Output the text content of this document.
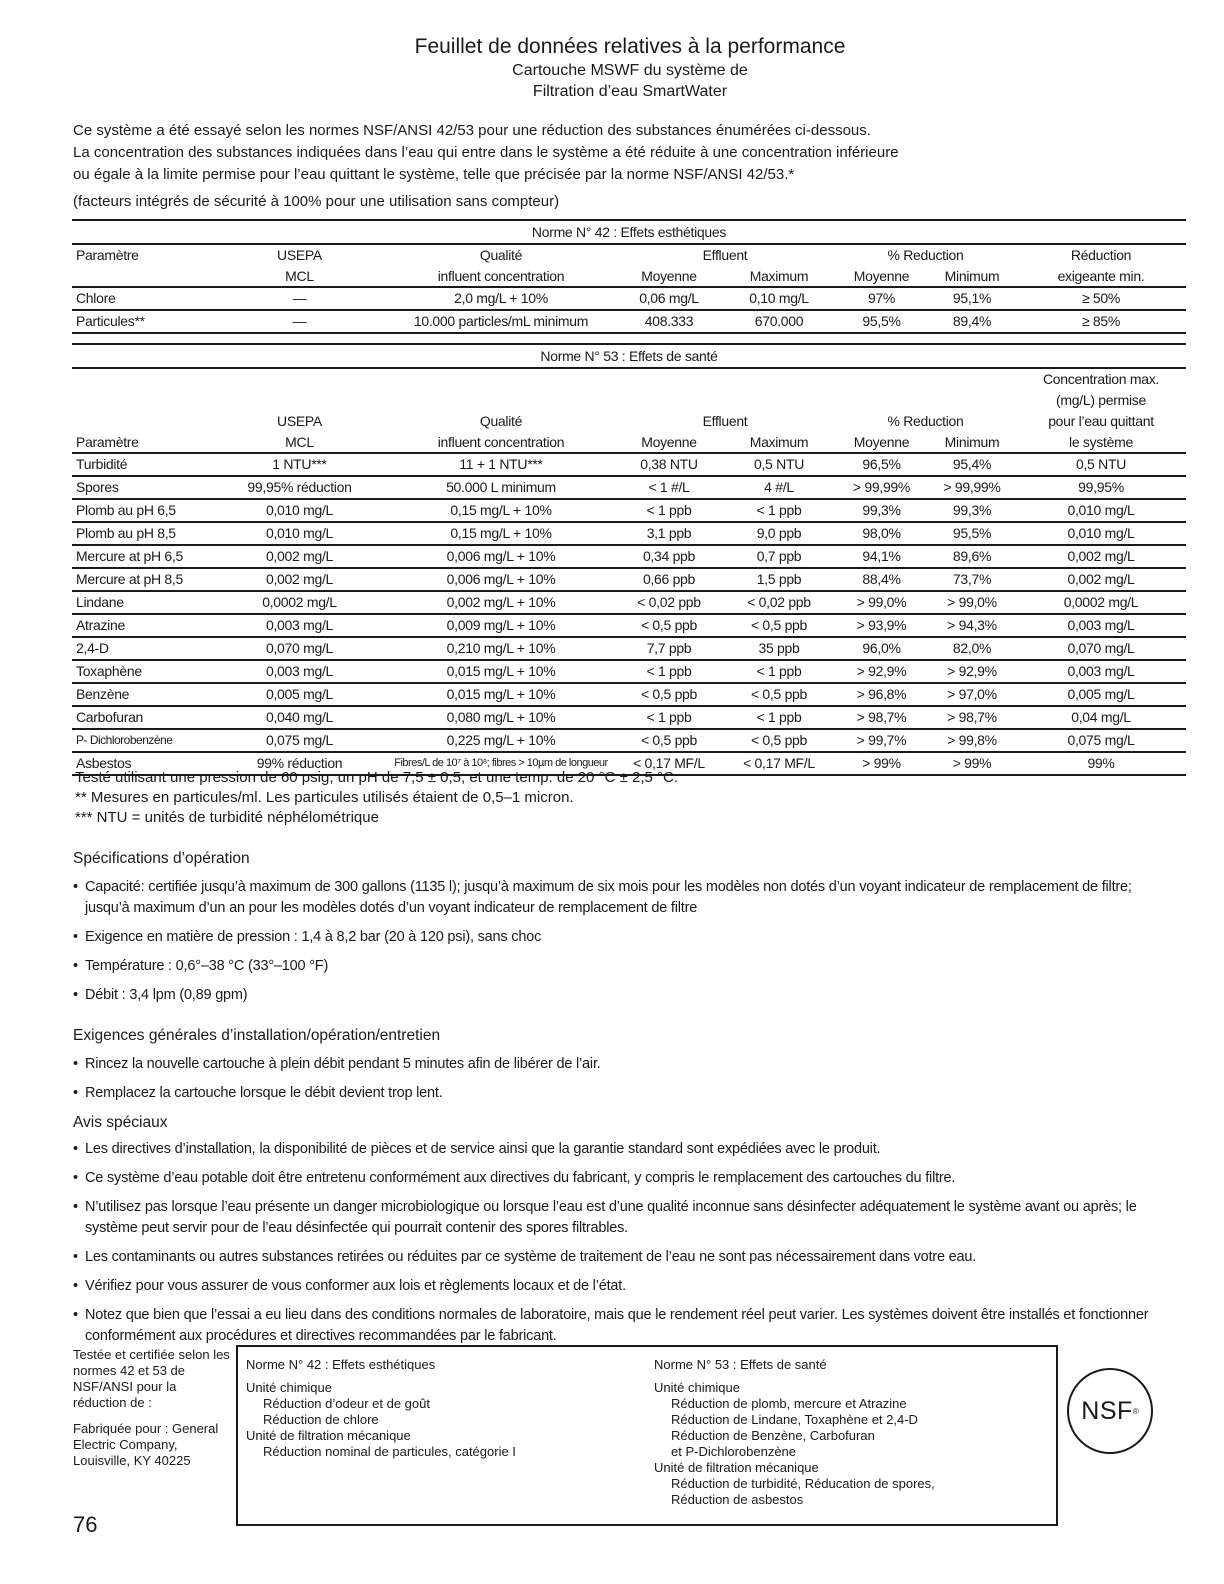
Feuillet de données relatives à la performance
Cartouche MSWF du système de
Filtration d’eau SmartWater

Ce système a été essayé selon les normes NSF/ANSI 42/53 pour une réduction des substances énumérées ci-dessous.

La concentration des substances indiquées dans l’eau qui entre dans le système a été réduite à une concentration inférieure

ou égale à la limite permise pour l’eau quittant le système, telle que précisée par la norme NSF/ANSI 42/53.*

(facteurs intégrés de sécurité à 100% pour une utilisation sans compteur)

Norme N° 42 : Effets esthétiques							
Paramètre	USEPA	Qualité	Effluent		% Reduction		Réduction
	MCL	influent concentration	Moyenne	Maximum	Moyenne	Minimum	exigeante min.
Chlore	—	2,0 mg/L + 10%	0,06 mg/L	0,10 mg/L	97%	95,1%	≥ 50%
Particules**	—	10.000 particles/mL minimum	408.333	670.000	95,5%	89,4%	≥ 85%
Norme N° 53 : Effets de santé							
							Concentration max.
							(mg/L) permise
	USEPA	Qualité	Effluent		% Reduction		pour l’eau quittant
Paramètre	MCL	influent concentration	Moyenne	Maximum	Moyenne	Minimum	le système
Turbidité	1 NTU***	11 + 1 NTU***	0,38 NTU	0,5 NTU	96,5%	95,4%	0,5 NTU
Spores	99,95% réduction	50.000 L minimum	< 1 #/L	4 #/L	> 99,99%	> 99,99%	99,95%
Plomb au pH 6,5	0,010 mg/L	0,15 mg/L + 10%	< 1 ppb	< 1 ppb	99,3%	99,3%	0,010 mg/L
Plomb au pH 8,5	0,010 mg/L	0,15 mg/L + 10%	3,1 ppb	9,0 ppb	98,0%	95,5%	0,010 mg/L
Mercure at pH 6,5	0,002 mg/L	0,006 mg/L + 10%	0,34 ppb	0,7 ppb	94,1%	89,6%	0,002 mg/L
Mercure at pH 8,5	0,002 mg/L	0,006 mg/L + 10%	0,66 ppb	1,5 ppb	88,4%	73,7%	0,002 mg/L
Lindane	0,0002 mg/L	0,002 mg/L + 10%	< 0,02 ppb	< 0,02 ppb	> 99,0%	> 99,0%	0,0002 mg/L
Atrazine	0,003 mg/L	0,009 mg/L + 10%	< 0,5 ppb	< 0,5 ppb	> 93,9%	> 94,3%	0,003 mg/L
2,4-D	0,070 mg/L	0,210 mg/L + 10%	7,7 ppb	35 ppb	96,0%	82,0%	0,070 mg/L
Toxaphène	0,003 mg/L	0,015 mg/L + 10%	< 1 ppb	< 1 ppb	> 92,9%	> 92,9%	0,003 mg/L
Benzène	0,005 mg/L	0,015 mg/L + 10%	< 0,5 ppb	< 0,5 ppb	> 96,8%	> 97,0%	0,005 mg/L
Carbofuran	0,040 mg/L	0,080 mg/L + 10%	< 1 ppb	< 1 ppb	> 98,7%	> 98,7%	0,04 mg/L
P- Dichlorobenzène	0,075 mg/L	0,225 mg/L + 10%	< 0,5 ppb	< 0,5 ppb	> 99,7%	> 99,8%	0,075 mg/L
Asbestos	99% réduction	Fibres/L de 10⁷ à 10⁸; fibres > 10µm de longueur	< 0,17 MF/L	< 0,17 MF/L	> 99%	> 99%	99%

Testé utilisant une pression de 60 psig; un pH de 7,5 ± 0,5; et une temp. de 20 °C ± 2,5 °C.

** Mesures en particules/ml. Les particules utilisés étaient de 0,5–1 micron.

*** NTU = unités de turbidité néphélométrique

Spécifications d’opération
• Capacité: certifiée jusqu’à maximum de 300 gallons (1135 l); jusqu’à maximum de six mois pour les modèles non dotés d’un voyant indicateur de remplacement de filtre; jusqu’à maximum d’un an pour les modèles dotés d’un voyant indicateur de remplacement de filtre
• Exigence en matière de pression : 1,4 à 8,2 bar (20 à 120 psi), sans choc
• Température : 0,6°–38 °C (33°–100 °F)
• Débit : 3,4 lpm (0,89 gpm)
Exigences générales d’installation/opération/entretien
• Rincez la nouvelle cartouche à plein débit pendant 5 minutes afin de libérer de l’air.
• Remplacez la cartouche lorsque le débit devient trop lent.
Avis spéciaux
• Les directives d’installation, la disponibilité de pièces et de service ainsi que la garantie standard sont expédiées avec le produit.
• Ce système d’eau potable doit être entretenu conformément aux directives du fabricant, y compris le remplacement des cartouches du filtre.
• N’utilisez pas lorsque l’eau présente un danger microbiologique ou lorsque l’eau est d’une qualité inconnue sans désinfecter adéquatement le système avant ou après; le système peut servir pour de l’eau désinfectée qui pourrait contenir des spores filtrables.
• Les contaminants ou autres substances retirées ou réduites par ce système de traitement de l’eau ne sont pas nécessairement dans votre eau.
• Vérifiez pour vous assurer de vous conformer aux lois et règlements locaux et de l’état.
• Notez que bien que l’essai a eu lieu dans des conditions normales de laboratoire, mais que le rendement réel peut varier. Les systèmes doivent être installés et fonctionner conformément aux procédures et directives recommandées par le fabricant.

Testée et certifiée selon les normes 42 et 53 de NSF/ANSI pour la réduction de :

Fabriquée pour : General Electric Company, Louisville, KY 40225

Norme N° 42 : Effets esthétiques
Unité chimique
Réduction d’odeur et de goût
Réduction de chlore
Unité de filtration mécanique
Réduction nominal de particules, catégorie I
Norme N° 53 : Effets de santé
Unité chimique
Réduction de plomb, mercure et Atrazine
Réduction de Lindane, Toxaphène et 2,4-D
Réduction de Benzène, Carbofuran
et P-Dichlorobenzène
Unité de filtration mécanique
Réduction de turbidité, Réducation de spores,
Réduction de asbestos
NSF ®
76
